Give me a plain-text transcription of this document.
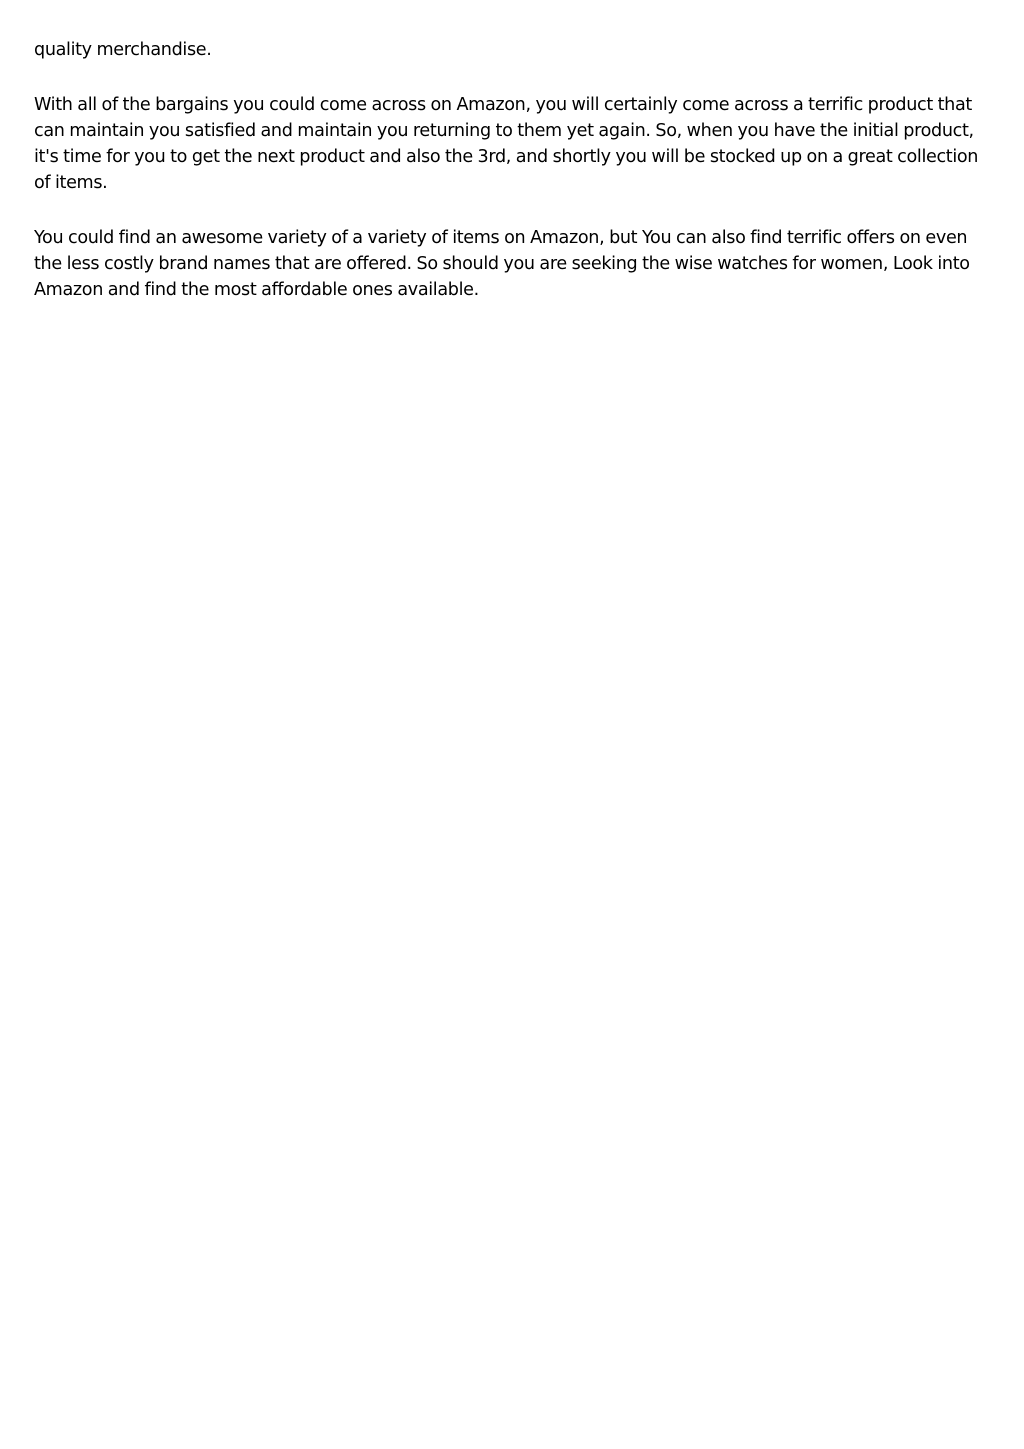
quality merchandise.

With all of the bargains you could come across on Amazon, you will certainly come across a terrific product that can maintain you satisfied and maintain you returning to them yet again. So, when you have the initial product, it's time for you to get the next product and also the 3rd, and shortly you will be stocked up on a great collection of items.

You could find an awesome variety of a variety of items on Amazon, but You can also find terrific offers on even the less costly brand names that are offered. So should you are seeking the wise watches for women, Look into Amazon and find the most affordable ones available.
